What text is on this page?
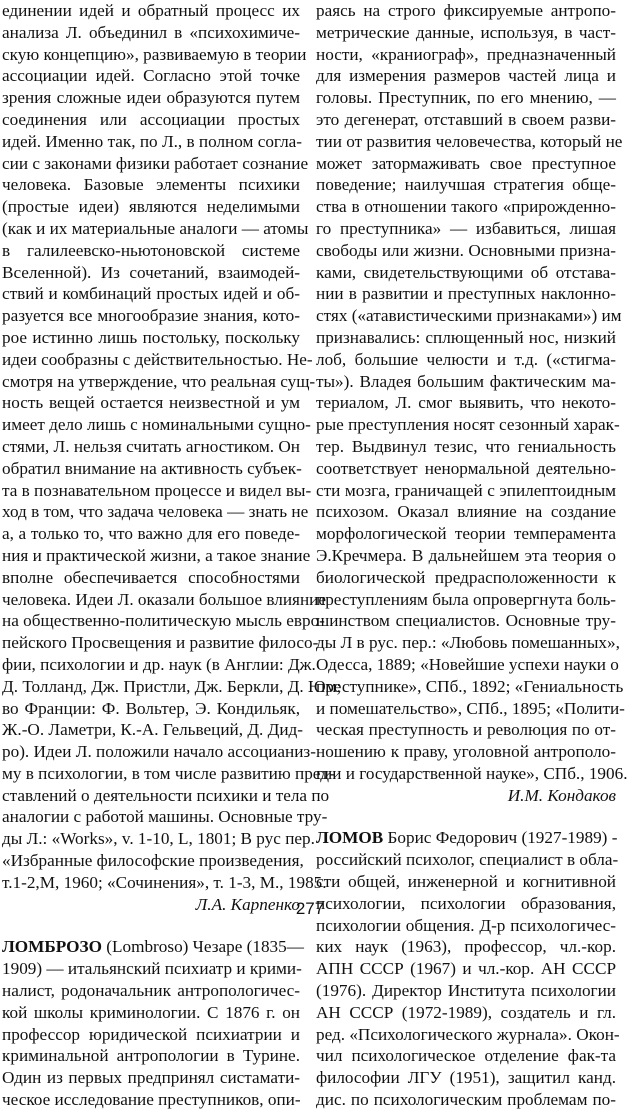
единении идей и обратный процесс их
анализа Л. объединил в «психохимиче-
скую концепцию», развиваемую в теории
ассоциации идей. Согласно этой точке
зрения сложные идеи образуются путем
соединения или ассоциации простых
идей. Именно так, по Л., в полном согла-
сии с законами физики работает сознание
человека. Базовые элементы психики
(простые идеи) являются неделимыми
(как и их материальные аналоги — атомы
в галилеевско-ньютоновской системе
Вселенной). Из сочетаний, взаимодей-
ствий и комбинаций простых идей и об-
разуется все многообразие знания, кото-
рое истинно лишь постольку, поскольку
идеи сообразны с действительностью. Не-
смотря на утверждение, что реальная сущ-
ность вещей остается неизвестной и ум
имеет дело лишь с номинальными сущно-
стями, Л. нельзя считать агностиком. Он
обратил внимание на активность субъек-
та в познавательном процессе и видел вы-
ход в том, что задача человека — знать не
а, а только то, что важно для его поведе-
ния и практической жизни, а такое знание
вполне обеспечивается способностями
человека. Идеи Л. оказали большое влияние
на общественно-политическую мысль евро-
пейского Просвещения и развитие филосо-
фии, психологии и др. наук (в Англии: Дж.
Д. Толланд, Дж. Пристли, Дж. Беркли, Д. Юм;
во Франции: Ф. Вольтер, Э. Кондильяк,
Ж.-О. Ламетри, К.-А. Гельвеций, Д. Дид-
ро). Идеи Л. положили начало ассоцианиз-
му в психологии, в том числе развитию пред-
ставлений о деятельности психики и тела по
аналогии с работой машины. Основные тру-
ды Л.: «Works», v. 1-10, L, 1801; В рус пер.
«Избранные философские произведения,
т.1-2,М, 1960; «Сочинения», т. 1-3, М., 1985.
Л.А. Карпенко
ЛОМБРОЗО (Lombroso) Чезаре (1835—
1909) — итальянский психиатр и крими-
налист, родоначальник антропологичес-
кой школы криминологии. С 1876 г. он
профессор юридической психиатрии и
криминальной антропологии в Турине.
Один из первых предпринял систамати-
ческое исследование преступников, опи-
раясь на строго фиксируемые антропо-
метрические данные, используя, в част-
ности, «краниограф», предназначенный
для измерения размеров частей лица и
головы. Преступник, по его мнению, —
это дегенерат, отставший в своем разви-
тии от развития человечества, который не
может затормаживать свое преступное
поведение; наилучшая стратегия обще-
ства в отношении такого «прирожденно-
го преступника» — избавиться, лишая
свободы или жизни. Основными призна-
ками, свидетельствующими об отстава-
нии в развитии и преступных наклонно-
стях («атавистическими признаками») им
признавались: сплющенный нос, низкий
лоб, большие челюсти и т.д. («стигма-
ты»). Владея большим фактическим ма-
териалом, Л. смог выявить, что некото-
рые преступления носят сезонный харак-
тер. Выдвинул тезис, что гениальность
соответствует ненормальной деятельно-
сти мозга, граничащей с эпилептоидным
психозом. Оказал влияние на создание
морфологической теории темперамента
Э.Кречмера. В дальнейшем эта теория о
биологической предрасположенности к
преступлениям была опровергнута боль-
шинством специалистов. Основные тру-
ды Л в рус. пер.: «Любовь помешанных»,
Одесса, 1889; «Новейшие успехи науки о
преступнике», СПб., 1892; «Гениальность
и помешательство», СПб., 1895; «Полити-
ческая преступность и революция по от-
ношению к праву, уголовной антрополо-
гии и государственной науке», СПб., 1906.
И.М. Кондаков
ЛОМОВ Борис Федорович (1927-1989) -
российский психолог, специалист в обла-
сти общей, инженерной и когнитивной
психологии, психологии образования,
психологии общения. Д-р психологичес-
ких наук (1963), профессор, чл.-кор.
АПН СССР (1967) и чл.-кор. АН СССР
(1976). Директор Института психологии
АН СССР (1972-1989), создатель и гл.
ред. «Психологического журнала». Окон-
чил психологическое отделение фак-та
философии ЛГУ (1951), защитил канд.
дис. по психологическим проблемам по-
277
